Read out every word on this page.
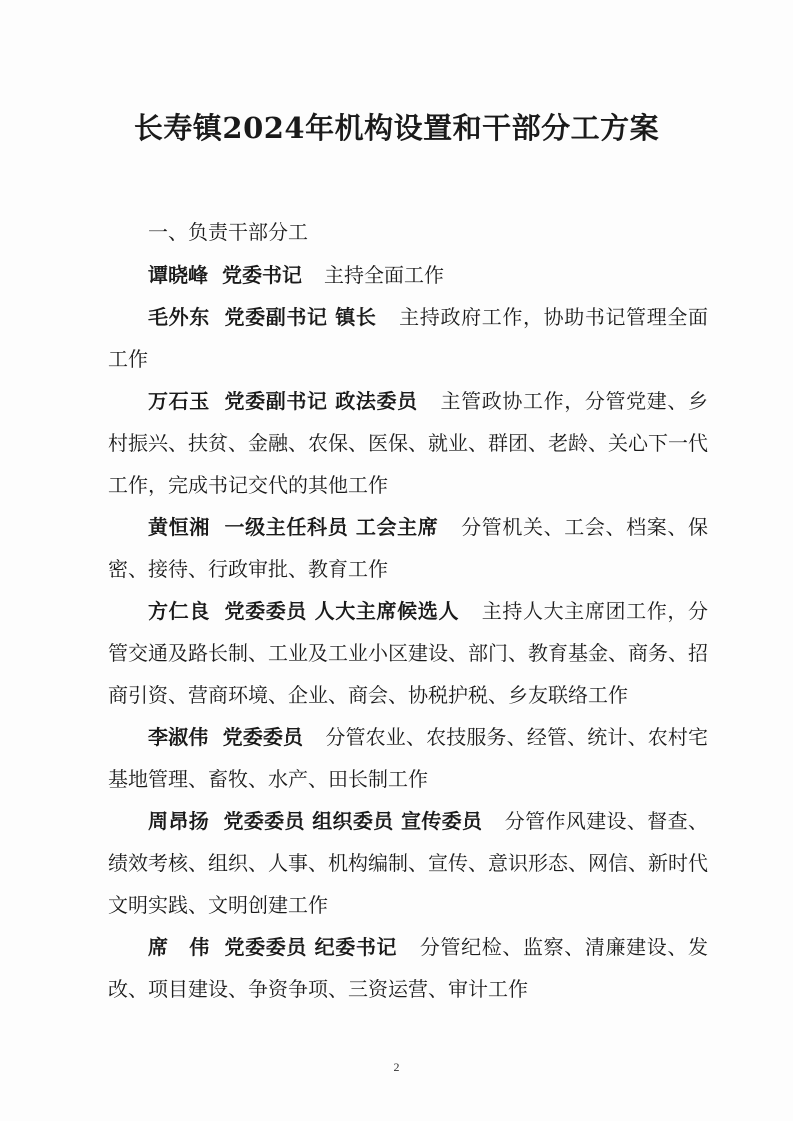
长寿镇2024年机构设置和干部分工方案
一、负责干部分工

谭晓峰 党委书记 主持全面工作

毛外东 党委副书记 镇长 主持政府工作，协助书记管理全面工作

万石玉 党委副书记 政法委员 主管政协工作，分管党建、乡村振兴、扶贫、金融、农保、医保、就业、群团、老龄、关心下一代工作，完成书记交代的其他工作

黄恒湘 一级主任科员 工会主席 分管机关、工会、档案、保密、接待、行政审批、教育工作

方仁良 党委委员 人大主席候选人 主持人大主席团工作，分管交通及路长制、工业及工业小区建设、部门、教育基金、商务、招商引资、营商环境、企业、商会、协税护税、乡友联络工作

李淑伟 党委委员 分管农业、农技服务、经管、统计、农村宅基地管理、畜牧、水产、田长制工作

周昂扬 党委委员 组织委员 宣传委员 分管作风建设、督查、绩效考核、组织、人事、机构编制、宣传、意识形态、网信、新时代文明实践、文明创建工作

席　伟 党委委员 纪委书记 分管纪检、监察、清廉建设、发改、项目建设、争资争项、三资运营、审计工作

2
